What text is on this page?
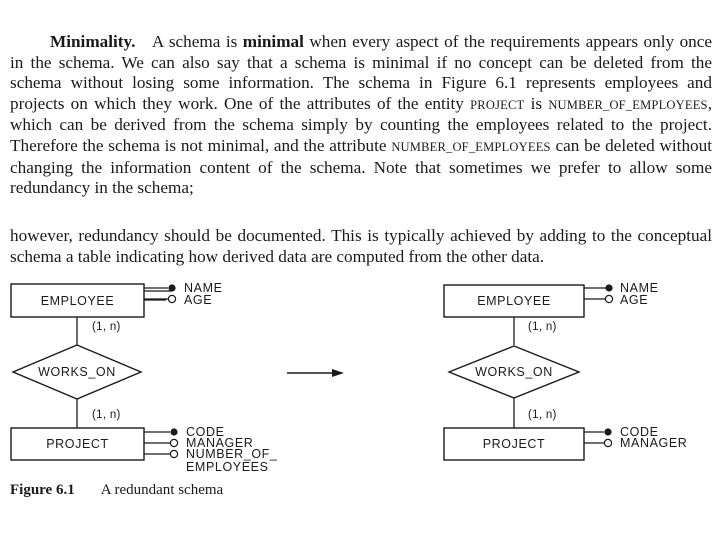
Minimality. A schema is minimal when every aspect of the requirements appears only once in the schema. We can also say that a schema is minimal if no concept can be deleted from the schema without losing some information. The schema in Figure 6.1 represents employees and projects on which they work. One of the attributes of the entity PROJECT is NUMBER_OF_EMPLOYEES, which can be derived from the schema simply by counting the employees related to the project. Therefore the schema is not minimal, and the attribute NUMBER_OF_EMPLOYEES can be deleted without changing the information content of the schema. Note that sometimes we prefer to allow some redundancy in the schema;

however, redundancy should be documented. This is typically achieved by adding to the conceptual schema a table indicating how derived data are computed from the other data.

EMPLOYEE
NAME
AGE
(1, n)
WORKS_ON
(1, n)
PROJECT
CODE
MANAGER
NUMBER_OF_
EMPLOYEES
EMPLOYEE
NAME
AGE
(1, n)
WORKS_ON
(1, n)
PROJECT
CODE
MANAGER
Figure 6.1 A redundant schema
